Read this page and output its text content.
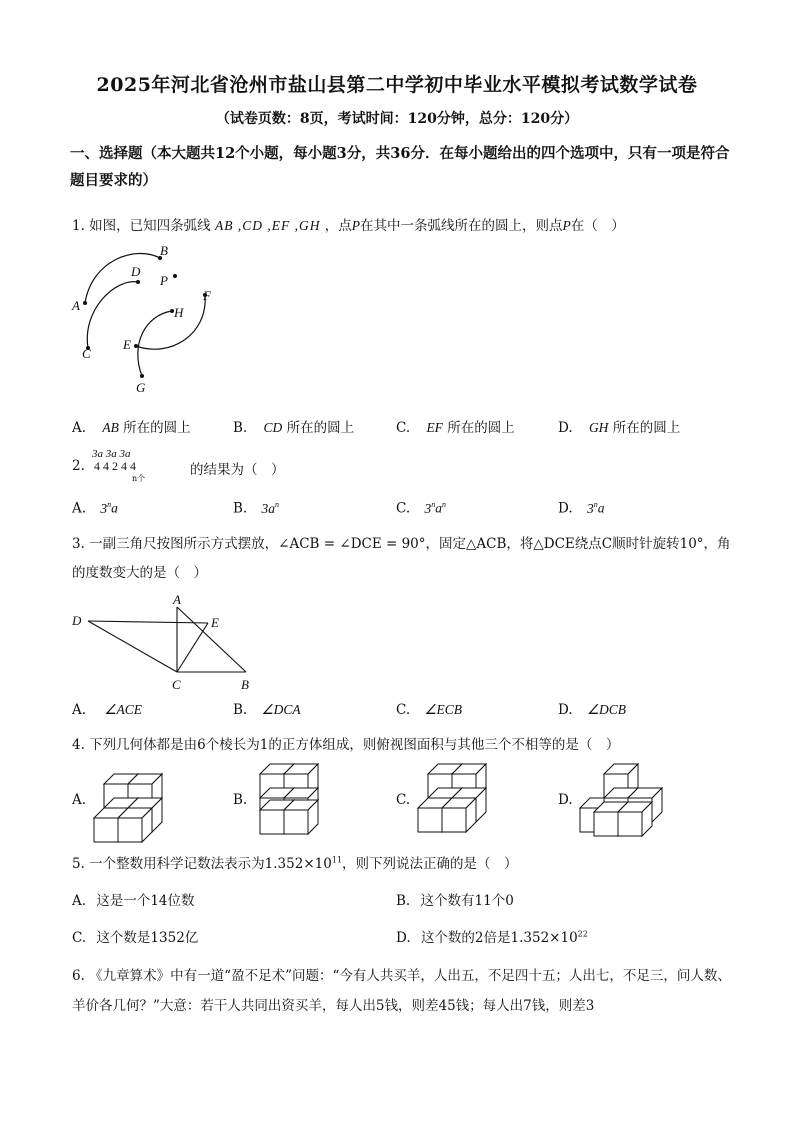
2025年河北省沧州市盐山县第二中学初中毕业水平模拟考试数学试卷
（试卷页数：8页，考试时间：120分钟，总分：120分）
一、选择题（本大题共12个小题，每小题3分，共36分．在每小题给出的四个选项中，只有一项是符合题目要求的）
1. 如图，已知四条弧线 AB ,CD ,EF ,GH ，点P在其中一条弧线所在的圆上，则点P在（　）
B
D
P
A	H
F
E
C
G
A. AB 所在的圆上	B. CD 所在的圆上	C. EF 所在的圆上	D. GH 所在的圆上
2.
3a 3a 3a
4 4 2 4 4
n个
的结果为（　）
A. 3$^n$a	B. $3a^n$	C. $3^na^n$	D. 3$^n$a
3. 一副三角尺按图所示方式摆放，∠ACB = ∠DCE = 90°，固定△ACB，将△DCE绕点C顺时针旋转10°，角的度数变大的是（　）
A
D	E
C	B
A. ∠ACE	B. ∠DCA	C. ∠ECB	D. ∠DCB
4. 下列几何体都是由6个棱长为1的正方体组成，则俯视图面积与其他三个不相等的是（　）
A.	B.	C.	D.
5. 一个整数用科学记数法表示为$1.352\times 10^{11}$，则下列说法正确的是（　）
A. 这是一个14位数	B. 这个数有11个0
C. 这个数是1352亿	D. 这个数的2倍是$1.352\times 10^{22}$
6. 《九章算术》中有一道“盈不足术”问题：“今有人共买羊，人出五，不足四十五；人出七，不足三，问人数、羊价各几何？”大意：若干人共同出资买羊，每人出5钱，则差45钱；每人出7钱，则差3
